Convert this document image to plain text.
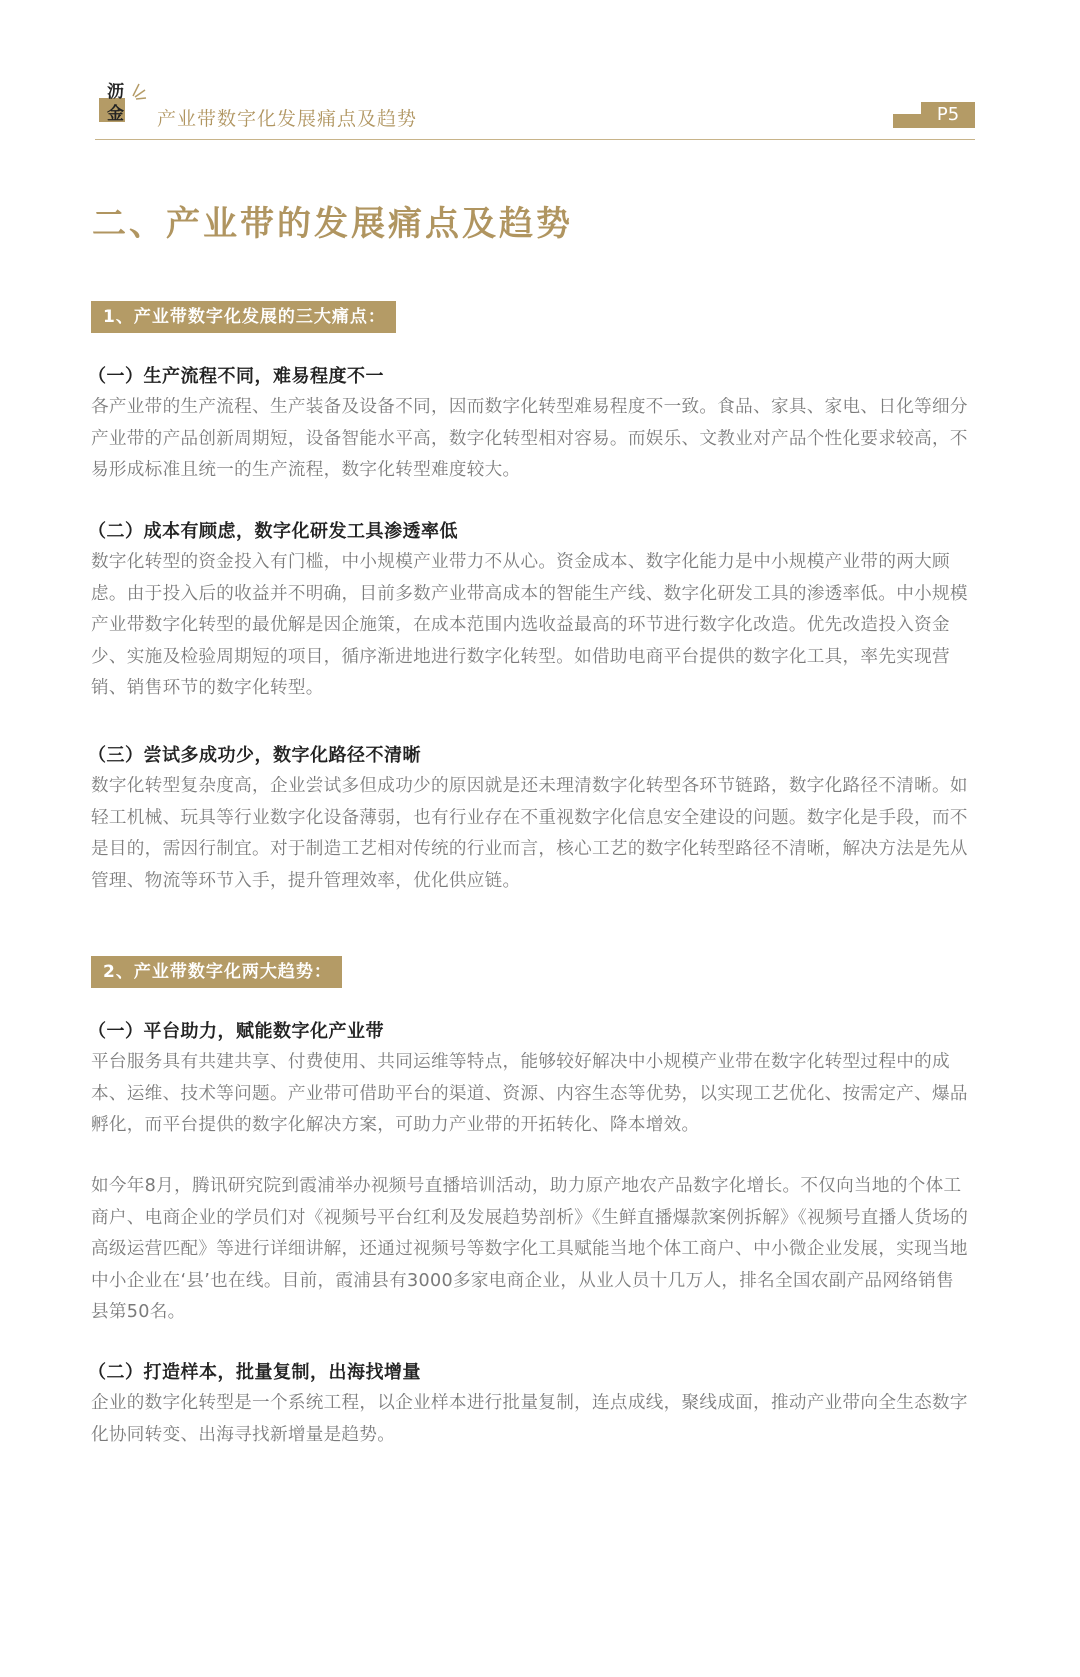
沥
金 产业带数字化发展痛点及趋势	P5
二、产业带的发展痛点及趋势
1、产业带数字化发展的三大痛点：
（一）生产流程不同，难易程度不一

各产业带的生产流程、生产装备及设备不同，因而数字化转型难易程度不一致。食品、家具、家电、日化等细分产业带的产品创新周期短，设备智能水平高，数字化转型相对容易。而娱乐、文教业对产品个性化要求较高，不易形成标准且统一的生产流程，数字化转型难度较大。

（二）成本有顾虑，数字化研发工具渗透率低

数字化转型的资金投入有门槛，中小规模产业带力不从心。资金成本、数字化能力是中小规模产业带的两大顾虑。由于投入后的收益并不明确，目前多数产业带高成本的智能生产线、数字化研发工具的渗透率低。中小规模产业带数字化转型的最优解是因企施策，在成本范围内选收益最高的环节进行数字化改造。优先改造投入资金少、实施及检验周期短的项目，循序渐进地进行数字化转型。如借助电商平台提供的数字化工具，率先实现营销、销售环节的数字化转型。

（三）尝试多成功少，数字化路径不清晰

数字化转型复杂度高，企业尝试多但成功少的原因就是还未理清数字化转型各环节链路，数字化路径不清晰。如轻工机械、玩具等行业数字化设备薄弱，也有行业存在不重视数字化信息安全建设的问题。数字化是手段，而不是目的，需因行制宜。对于制造工艺相对传统的行业而言，核心工艺的数字化转型路径不清晰，解决方法是先从管理、物流等环节入手，提升管理效率，优化供应链。

2、产业带数字化两大趋势：
（一）平台助力，赋能数字化产业带

平台服务具有共建共享、付费使用、共同运维等特点，能够较好解决中小规模产业带在数字化转型过程中的成本、运维、技术等问题。产业带可借助平台的渠道、资源、内容生态等优势，以实现工艺优化、按需定产、爆品孵化，而平台提供的数字化解决方案，可助力产业带的开拓转化、降本增效。

如今年8月，腾讯研究院到霞浦举办视频号直播培训活动，助力原产地农产品数字化增长。不仅向当地的个体工商户、电商企业的学员们对《视频号平台红利及发展趋势剖析》《生鲜直播爆款案例拆解》《视频号直播人货场的高级运营匹配》等进行详细讲解，还通过视频号等数字化工具赋能当地个体工商户、中小微企业发展，实现当地中小企业在‘县’也在线。目前，霞浦县有3000多家电商企业，从业人员十几万人，排名全国农副产品网络销售县第50名。

（二）打造样本，批量复制，出海找增量

企业的数字化转型是一个系统工程，以企业样本进行批量复制，连点成线，聚线成面，推动产业带向全生态数字化协同转变、出海寻找新增量是趋势。
